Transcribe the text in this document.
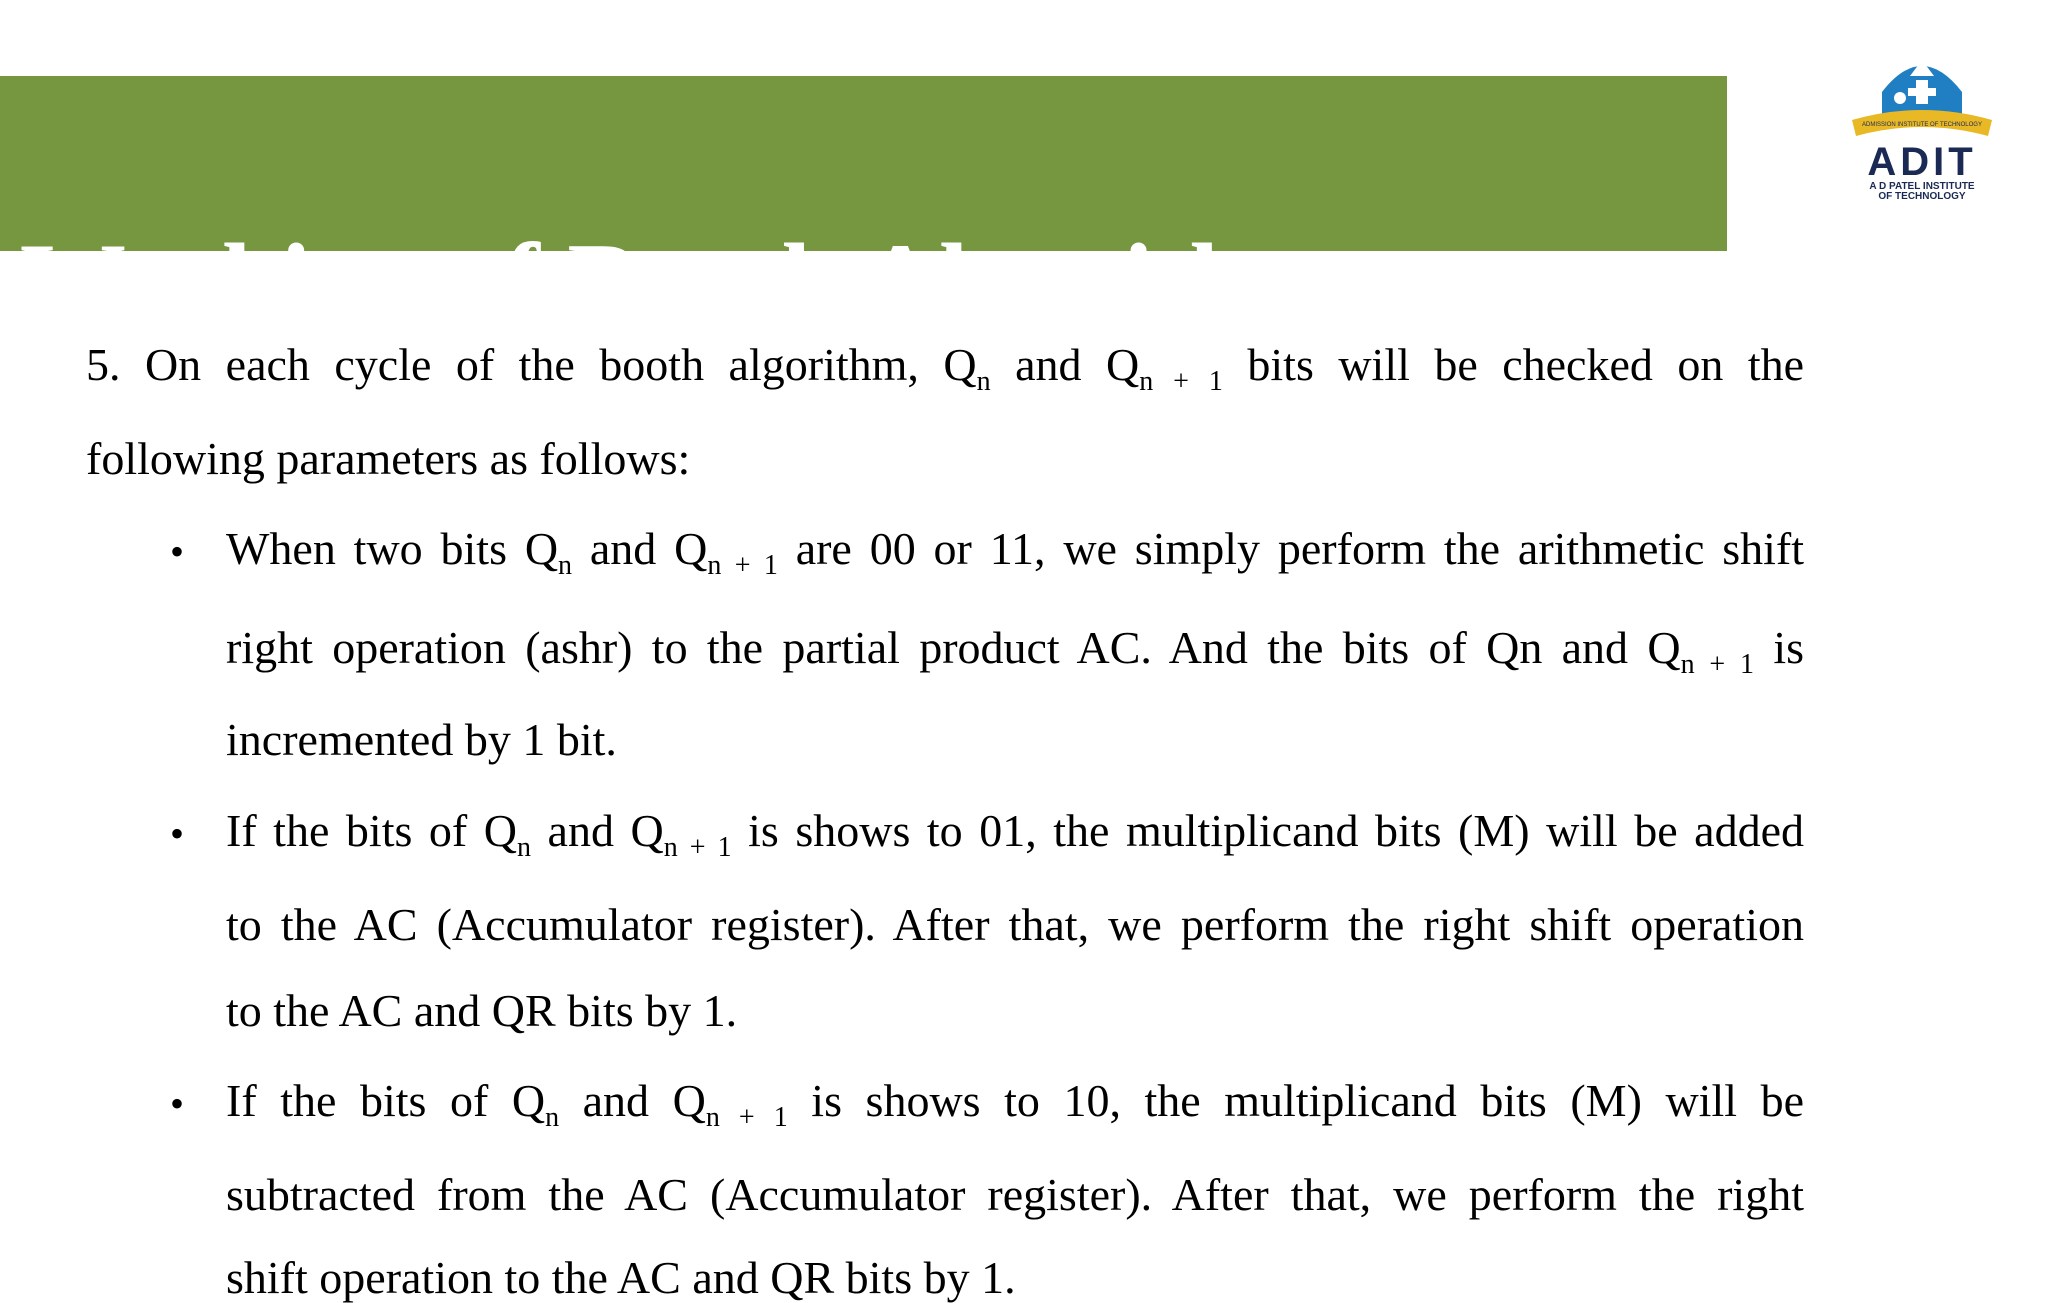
Working of Booth Algorithm
ADMISSION INSTITUTE OF TECHNOLOGY
ADIT
A D PATEL INSTITUTE
OF TECHNOLOGY
5. On each cycle of the booth algorithm, $Q_n$ and $Q_{n + 1}$ bits will be checked on the
following parameters as follows:
• When two bits $Q_n$ and $Q_{n + 1}$ are 00 or 11, we simply perform the arithmetic shift
right operation (ashr) to the partial product AC. And the bits of Qn and $Q_{n + 1}$ is
incremented by 1 bit.
• If the bits of $Q_n$ and $Q_{n + 1}$ is shows to 01, the multiplicand bits (M) will be added
to the AC (Accumulator register). After that, we perform the right shift operation
to the AC and QR bits by 1.
• If the bits of $Q_n$ and $Q_{n + 1}$ is shows to 10, the multiplicand bits (M) will be
subtracted from the AC (Accumulator register). After that, we perform the right
shift operation to the AC and QR bits by 1.
